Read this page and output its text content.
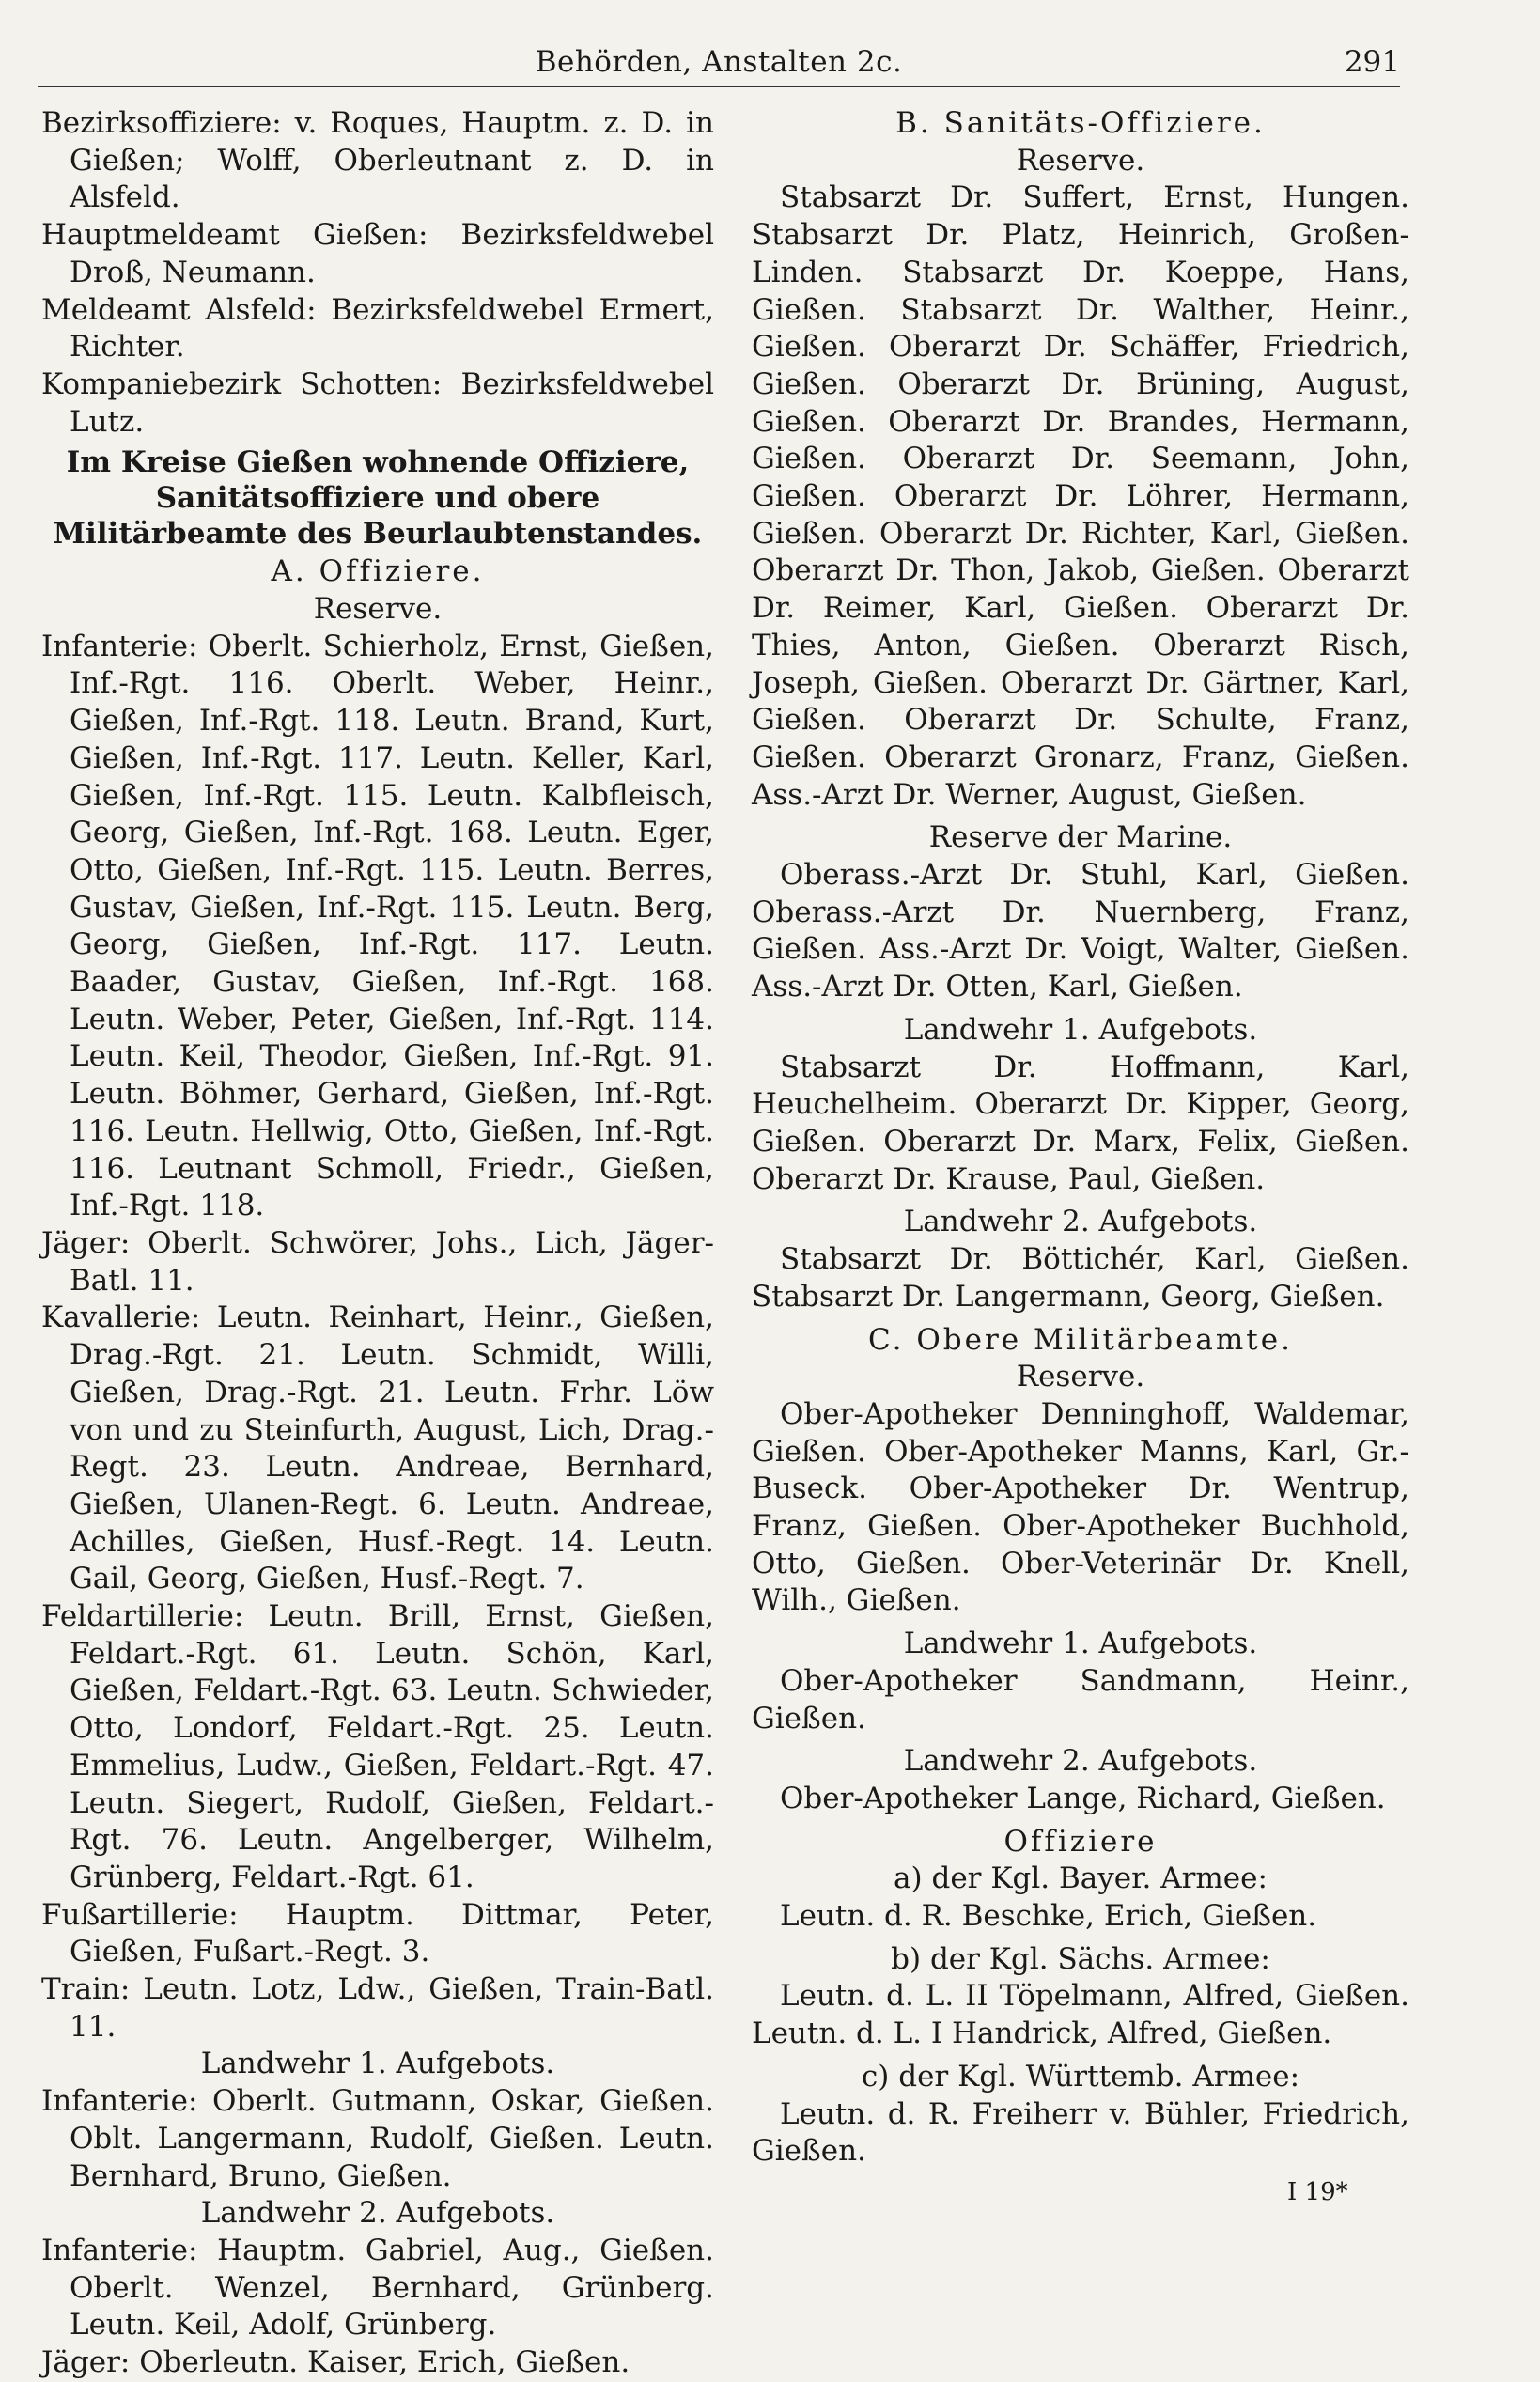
Behörden, Anstalten 2c.	291

Bezirksoffiziere: v. Roques, Hauptm. z. D. in Gießen; Wolff, Oberleutnant z. D. in Alsfeld.

Hauptmeldeamt Gießen: Bezirksfeldwebel Droß, Neumann.

Meldeamt Alsfeld: Bezirksfeldwebel Ermert, Richter.

Kompaniebezirk Schotten: Bezirksfeldwebel Lutz.

Im Kreise Gießen wohnende Offiziere, Sanitätsoffiziere und obere Militärbeamte des Beurlaubtenstandes.

A. Offiziere.

Reserve.

Infanterie: Oberlt. Schierholz, Ernst, Gießen, Inf.-Rgt. 116. Oberlt. Weber, Heinr., Gießen, Inf.-Rgt. 118. Leutn. Brand, Kurt, Gießen, Inf.-Rgt. 117. Leutn. Keller, Karl, Gießen, Inf.-Rgt. 115. Leutn. Kalbfleisch, Georg, Gießen, Inf.-Rgt. 168. Leutn. Eger, Otto, Gießen, Inf.-Rgt. 115. Leutn. Berres, Gustav, Gießen, Inf.-Rgt. 115. Leutn. Berg, Georg, Gießen, Inf.-Rgt. 117. Leutn. Baader, Gustav, Gießen, Inf.-Rgt. 168. Leutn. Weber, Peter, Gießen, Inf.-Rgt. 114. Leutn. Keil, Theodor, Gießen, Inf.-Rgt. 91. Leutn. Böhmer, Gerhard, Gießen, Inf.-Rgt. 116. Leutn. Hellwig, Otto, Gießen, Inf.-Rgt. 116. Leutnant Schmoll, Friedr., Gießen, Inf.-Rgt. 118.

Jäger: Oberlt. Schwörer, Johs., Lich, Jäger-Batl. 11.

Kavallerie: Leutn. Reinhart, Heinr., Gießen, Drag.-Rgt. 21. Leutn. Schmidt, Willi, Gießen, Drag.-Rgt. 21. Leutn. Frhr. Löw von und zu Steinfurth, August, Lich, Drag.-Regt. 23. Leutn. Andreae, Bernhard, Gießen, Ulanen-Regt. 6. Leutn. Andreae, Achilles, Gießen, Husf.-Regt. 14. Leutn. Gail, Georg, Gießen, Husf.-Regt. 7.

Feldartillerie: Leutn. Brill, Ernst, Gießen, Feldart.-Rgt. 61. Leutn. Schön, Karl, Gießen, Feldart.-Rgt. 63. Leutn. Schwieder, Otto, Londorf, Feldart.-Rgt. 25. Leutn. Emmelius, Ludw., Gießen, Feldart.-Rgt. 47. Leutn. Siegert, Rudolf, Gießen, Feldart.-Rgt. 76. Leutn. Angelberger, Wilhelm, Grünberg, Feldart.-Rgt. 61.

Fußartillerie: Hauptm. Dittmar, Peter, Gießen, Fußart.-Regt. 3.

Train: Leutn. Lotz, Ldw., Gießen, Train-Batl. 11.

Landwehr 1. Aufgebots.

Infanterie: Oberlt. Gutmann, Oskar, Gießen. Oblt. Langermann, Rudolf, Gießen. Leutn. Bernhard, Bruno, Gießen.

Landwehr 2. Aufgebots.

Infanterie: Hauptm. Gabriel, Aug., Gießen. Oberlt. Wenzel, Bernhard, Grünberg. Leutn. Keil, Adolf, Grünberg.

Jäger: Oberleutn. Kaiser, Erich, Gießen.

B. Sanitäts-Offiziere.

Reserve.

Stabsarzt Dr. Suffert, Ernst, Hungen. Stabsarzt Dr. Platz, Heinrich, Großen-Linden. Stabsarzt Dr. Koeppe, Hans, Gießen. Stabsarzt Dr. Walther, Heinr., Gießen. Oberarzt Dr. Schäffer, Friedrich, Gießen. Oberarzt Dr. Brüning, August, Gießen. Oberarzt Dr. Brandes, Hermann, Gießen. Oberarzt Dr. Seemann, John, Gießen. Oberarzt Dr. Löhrer, Hermann, Gießen. Oberarzt Dr. Richter, Karl, Gießen. Oberarzt Dr. Thon, Jakob, Gießen. Oberarzt Dr. Reimer, Karl, Gießen. Oberarzt Dr. Thies, Anton, Gießen. Oberarzt Risch, Joseph, Gießen. Oberarzt Dr. Gärtner, Karl, Gießen. Oberarzt Dr. Schulte, Franz, Gießen. Oberarzt Gronarz, Franz, Gießen. Ass.-Arzt Dr. Werner, August, Gießen.

Reserve der Marine.

Oberass.-Arzt Dr. Stuhl, Karl, Gießen. Oberass.-Arzt Dr. Nuernberg, Franz, Gießen. Ass.-Arzt Dr. Voigt, Walter, Gießen. Ass.-Arzt Dr. Otten, Karl, Gießen.

Landwehr 1. Aufgebots.

Stabsarzt Dr. Hoffmann, Karl, Heuchelheim. Oberarzt Dr. Kipper, Georg, Gießen. Oberarzt Dr. Marx, Felix, Gießen. Oberarzt Dr. Krause, Paul, Gießen.

Landwehr 2. Aufgebots.

Stabsarzt Dr. Böttichér, Karl, Gießen. Stabsarzt Dr. Langermann, Georg, Gießen.

C. Obere Militärbeamte.

Reserve.

Ober-Apotheker Denninghoff, Waldemar, Gießen. Ober-Apotheker Manns, Karl, Gr.-Buseck. Ober-Apotheker Dr. Wentrup, Franz, Gießen. Ober-Apotheker Buchhold, Otto, Gießen. Ober-Veterinär Dr. Knell, Wilh., Gießen.

Landwehr 1. Aufgebots.

Ober-Apotheker Sandmann, Heinr., Gießen.

Landwehr 2. Aufgebots.

Ober-Apotheker Lange, Richard, Gießen.

Offiziere

a) der Kgl. Bayer. Armee:

Leutn. d. R. Beschke, Erich, Gießen.

b) der Kgl. Sächs. Armee:

Leutn. d. L. II Töpelmann, Alfred, Gießen. Leutn. d. L. I Handrick, Alfred, Gießen.

c) der Kgl. Württemb. Armee:

Leutn. d. R. Freiherr v. Bühler, Friedrich, Gießen.

I 19*
